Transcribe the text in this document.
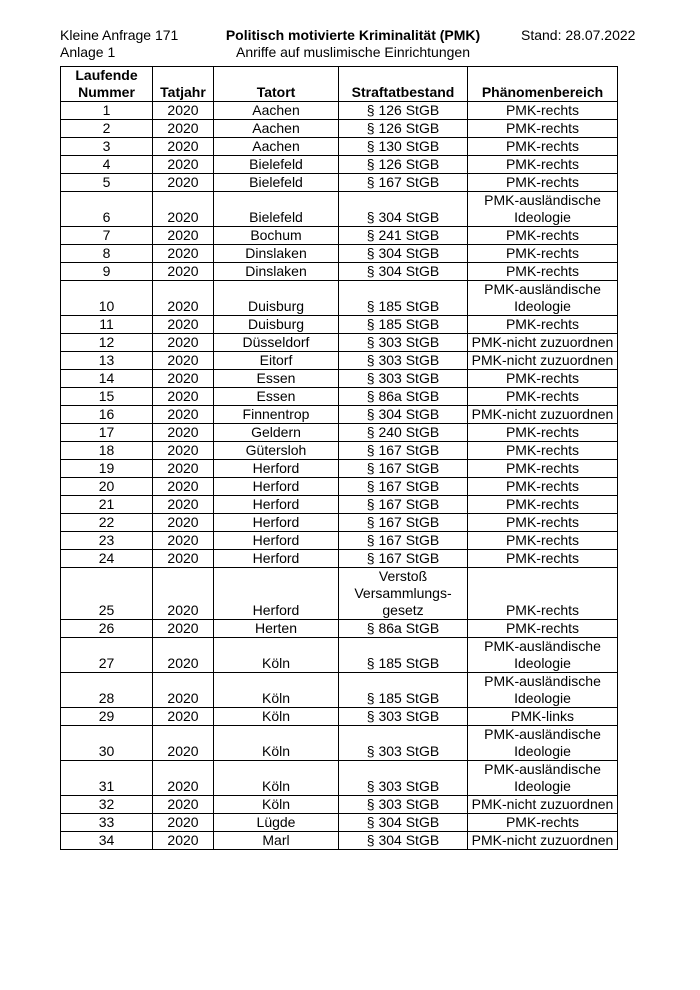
Kleine Anfrage 171
Anlage 1
Politisch motivierte Kriminalität (PMK)
Anriffe auf muslimische Einrichtungen
Stand: 28.07.2022
Laufende Nummer	Tatjahr	Tatort	Straftatbestand	Phänomenbereich
1	2020	Aachen	§ 126 StGB	PMK-rechts
2	2020	Aachen	§ 126 StGB	PMK-rechts
3	2020	Aachen	§ 130 StGB	PMK-rechts
4	2020	Bielefeld	§ 126 StGB	PMK-rechts
5	2020	Bielefeld	§ 167 StGB	PMK-rechts
6	2020	Bielefeld	§ 304 StGB	PMK-ausländische Ideologie
7	2020	Bochum	§ 241 StGB	PMK-rechts
8	2020	Dinslaken	§ 304 StGB	PMK-rechts
9	2020	Dinslaken	§ 304 StGB	PMK-rechts
10	2020	Duisburg	§ 185 StGB	PMK-ausländische Ideologie
11	2020	Duisburg	§ 185 StGB	PMK-rechts
12	2020	Düsseldorf	§ 303 StGB	PMK-nicht zuzuordnen
13	2020	Eitorf	§ 303 StGB	PMK-nicht zuzuordnen
14	2020	Essen	§ 303 StGB	PMK-rechts
15	2020	Essen	§ 86a StGB	PMK-rechts
16	2020	Finnentrop	§ 304 StGB	PMK-nicht zuzuordnen
17	2020	Geldern	§ 240 StGB	PMK-rechts
18	2020	Gütersloh	§ 167 StGB	PMK-rechts
19	2020	Herford	§ 167 StGB	PMK-rechts
20	2020	Herford	§ 167 StGB	PMK-rechts
21	2020	Herford	§ 167 StGB	PMK-rechts
22	2020	Herford	§ 167 StGB	PMK-rechts
23	2020	Herford	§ 167 StGB	PMK-rechts
24	2020	Herford	§ 167 StGB	PMK-rechts
25	2020	Herford	Verstoß Versammlungs-gesetz	PMK-rechts
26	2020	Herten	§ 86a StGB	PMK-rechts
27	2020	Köln	§ 185 StGB	PMK-ausländische Ideologie
28	2020	Köln	§ 185 StGB	PMK-ausländische Ideologie
29	2020	Köln	§ 303 StGB	PMK-links
30	2020	Köln	§ 303 StGB	PMK-ausländische Ideologie
31	2020	Köln	§ 303 StGB	PMK-ausländische Ideologie
32	2020	Köln	§ 303 StGB	PMK-nicht zuzuordnen
33	2020	Lügde	§ 304 StGB	PMK-rechts
34	2020	Marl	§ 304 StGB	PMK-nicht zuzuordnen
